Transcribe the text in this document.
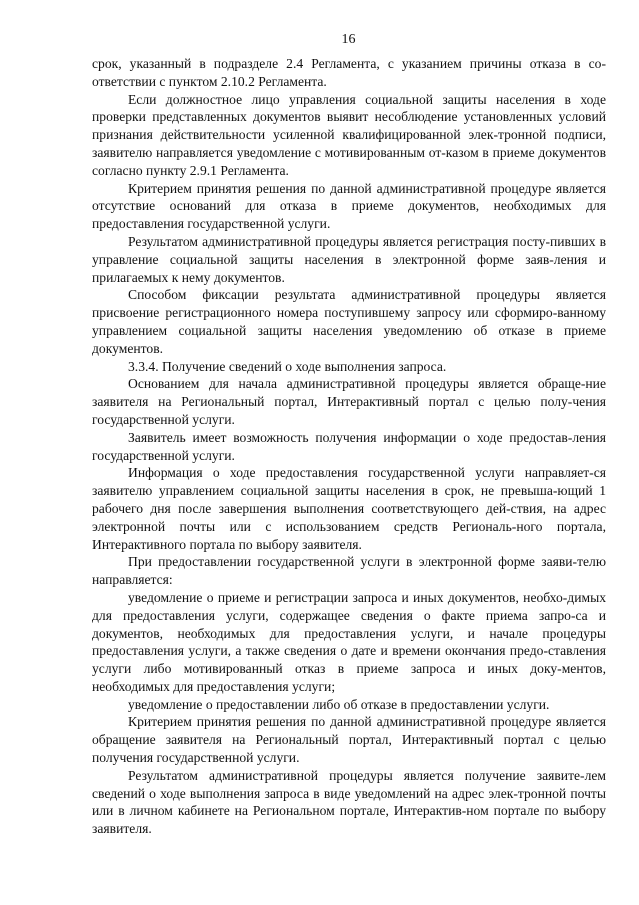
16

срок, указанный в подразделе 2.4 Регламента, с указанием причины отказа в со-ответствии с пунктом 2.10.2 Регламента.

Если должностное лицо управления социальной защиты населения в ходе проверки представленных документов выявит несоблюдение установленных условий признания действительности усиленной квалифицированной элек-тронной подписи, заявителю направляется уведомление с мотивированным от-казом в приеме документов согласно пункту 2.9.1 Регламента.

Критерием принятия решения по данной административной процедуре является отсутствие оснований для отказа в приеме документов, необходимых для предоставления государственной услуги.

Результатом административной процедуры является регистрация посту-пивших в управление социальной защиты населения в электронной форме заяв-ления и прилагаемых к нему документов.

Способом фиксации результата административной процедуры является присвоение регистрационного номера поступившему запросу или сформиро-ванному управлением социальной защиты населения уведомлению об отказе в приеме документов.

3.3.4. Получение сведений о ходе выполнения запроса.

Основанием для начала административной процедуры является обраще-ние заявителя на Региональный портал, Интерактивный портал с целью полу-чения государственной услуги.

Заявитель имеет возможность получения информации о ходе предостав-ления государственной услуги.

Информация о ходе предоставления государственной услуги направляет-ся заявителю управлением социальной защиты населения в срок, не превыша-ющий 1 рабочего дня после завершения выполнения соответствующего дей-ствия, на адрес электронной почты или с использованием средств Региональ-ного портала, Интерактивного портала по выбору заявителя.

При предоставлении государственной услуги в электронной форме заяви-телю направляется:

уведомление о приеме и регистрации запроса и иных документов, необхо-димых для предоставления услуги, содержащее сведения о факте приема запро-са и документов, необходимых для предоставления услуги, и начале процедуры предоставления услуги, а также сведения о дате и времени окончания предо-ставления услуги либо мотивированный отказ в приеме запроса и иных доку-ментов, необходимых для предоставления услуги;

уведомление о предоставлении либо об отказе в предоставлении услуги.

Критерием принятия решения по данной административной процедуре является обращение заявителя на Региональный портал, Интерактивный портал с целью получения государственной услуги.

Результатом административной процедуры является получение заявите-лем сведений о ходе выполнения запроса в виде уведомлений на адрес элек-тронной почты или в личном кабинете на Региональном портале, Интерактив-ном портале по выбору заявителя.
